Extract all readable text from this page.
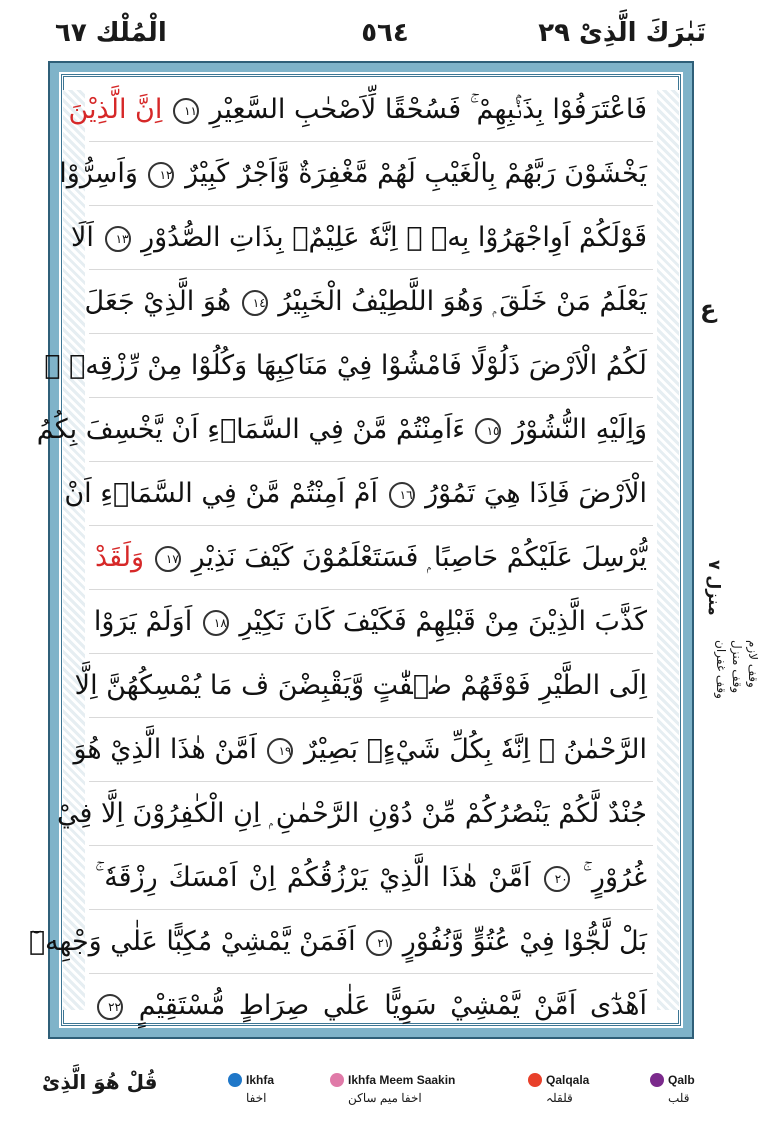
الْمُلْك ٦٧	٥٦٤	تَبٰرَكَ الَّذِیْ ٢٩
فَاعْتَرَفُوْا بِذَنْۢبِهِمْ ۚ فَسُحْقًا لِّاَصْحٰبِ السَّعِيْرِ ١١ اِنَّ الَّذِيْنَ
يَخْشَوْنَ رَبَّهُمْ بِالْغَيْبِ لَهُمْ مَّغْفِرَةٌ وَّاَجْرٌ كَبِيْرٌ ١٢ وَاَسِرُّوْا
قَوْلَكُمْ اَوِاجْهَرُوْا بِهٖ ۭ اِنَّهٗ عَلِيْمٌۢ بِذَاتِ الصُّدُوْرِ ١٣ اَلَا
يَعْلَمُ مَنْ خَلَقَ ۭ وَهُوَ اللَّطِيْفُ الْخَبِيْرُ ١٤ هُوَ الَّذِيْ جَعَلَ
لَكُمُ الْاَرْضَ ذَلُوْلًا فَامْشُوْا فِيْ مَنَاكِبِهَا وَكُلُوْا مِنْ رِّزْقِهٖ ۭ
وَاِلَيْهِ النُّشُوْرُ ١٥ ءَاَمِنْتُمْ مَّنْ فِي السَّمَاۗءِ اَنْ يَّخْسِفَ بِكُمُ
الْاَرْضَ فَاِذَا هِيَ تَمُوْرُ ١٦ اَمْ اَمِنْتُمْ مَّنْ فِي السَّمَاۗءِ اَنْ
يُّرْسِلَ عَلَيْكُمْ حَاصِبًا ۭ فَسَتَعْلَمُوْنَ كَيْفَ نَذِيْرِ ١٧ وَلَقَدْ
كَذَّبَ الَّذِيْنَ مِنْ قَبْلِهِمْ فَكَيْفَ كَانَ نَكِيْرِ ١٨ اَوَلَمْ يَرَوْا
اِلَى الطَّيْرِ فَوْقَهُمْ صٰۗفّٰتٍ وَّيَقْبِضْنَ ڤ مَا يُمْسِكُهُنَّ اِلَّا
الرَّحْمٰنُ ۭ اِنَّهٗ بِكُلِّ شَيْءٍۢ بَصِيْرٌ ١٩ اَمَّنْ هٰذَا الَّذِيْ هُوَ
جُنْدٌ لَّكُمْ يَنْصُرُكُمْ مِّنْ دُوْنِ الرَّحْمٰنِ ۭ اِنِ الْكٰفِرُوْنَ اِلَّا فِيْ
غُرُوْرٍ ۚ ٢٠ اَمَّنْ هٰذَا الَّذِيْ يَرْزُقُكُمْ اِنْ اَمْسَكَ رِزْقَهٗ ۚ
بَلْ لَّجُّوْا فِيْ عُتُوٍّ وَّنُفُوْرٍ ٢١ اَفَمَنْ يَّمْشِيْ مُكِبًّا عَلٰي وَجْهِهٖٓ
اَهْدٰٓى اَمَّنْ يَّمْشِيْ سَوِيًّا عَلٰي صِرَاطٍ مُّسْتَقِيْمٍ ٢٢
ع
منزل ٧
وقف لازم
وقف منزل
وقف غفران
قُلْ هُوَ الَّذِیْ	Ikhfa
اخفا
Ikhfa Meem Saakin
اخفا میم ساکن
Qalqala
قلقلہ
Qalb
قلب
